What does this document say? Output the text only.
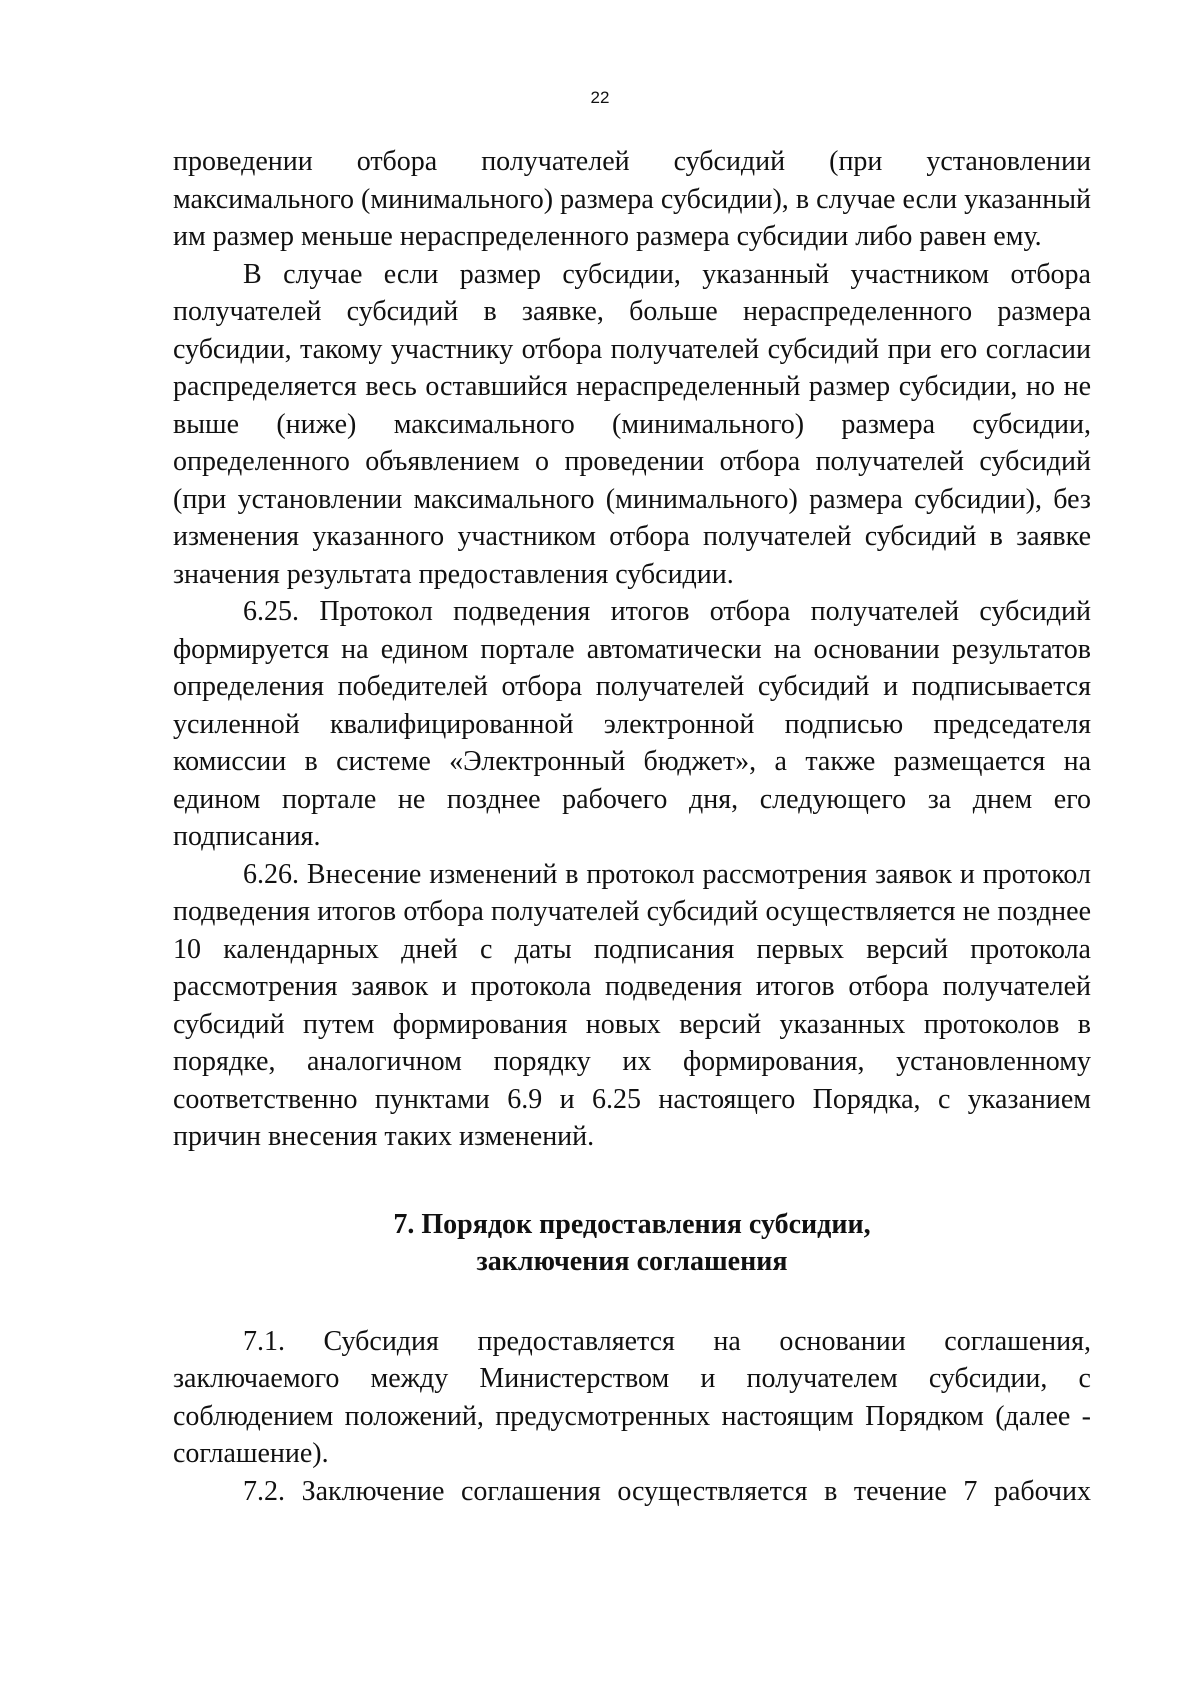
22

проведении отбора получателей субсидий (при установлении максимального (минимального) размера субсидии), в случае если указанный им размер меньше нераспределенного размера субсидии либо равен ему.

В случае если размер субсидии, указанный участником отбора получателей субсидий в заявке, больше нераспределенного размера субсидии, такому участнику отбора получателей субсидий при его согласии распределяется весь оставшийся нераспределенный размер субсидии, но не выше (ниже) максимального (минимального) размера субсидии, определенного объявлением о проведении отбора получателей субсидий (при установлении максимального (минимального) размера субсидии), без изменения указанного участником отбора получателей субсидий в заявке значения результата предоставления субсидии.

6.25. Протокол подведения итогов отбора получателей субсидий формируется на едином портале автоматически на основании результатов определения победителей отбора получателей субсидий и подписывается усиленной квалифицированной электронной подписью председателя комиссии в системе «Электронный бюджет», а также размещается на едином портале не позднее рабочего дня, следующего за днем его подписания.

6.26. Внесение изменений в протокол рассмотрения заявок и протокол подведения итогов отбора получателей субсидий осуществляется не позднее 10 календарных дней с даты подписания первых версий протокола рассмотрения заявок и протокола подведения итогов отбора получателей субсидий путем формирования новых версий указанных протоколов в порядке, аналогичном порядку их формирования, установленному соответственно пунктами 6.9 и 6.25 настоящего Порядка, с указанием причин внесения таких изменений.

7. Порядок предоставления субсидии,
заключения соглашения

7.1. Субсидия предоставляется на основании соглашения, заключаемого между Министерством и получателем субсидии, с соблюдением положений, предусмотренных настоящим Порядком (далее - соглашение).

7.2. Заключение соглашения осуществляется в течение 7 рабочих
